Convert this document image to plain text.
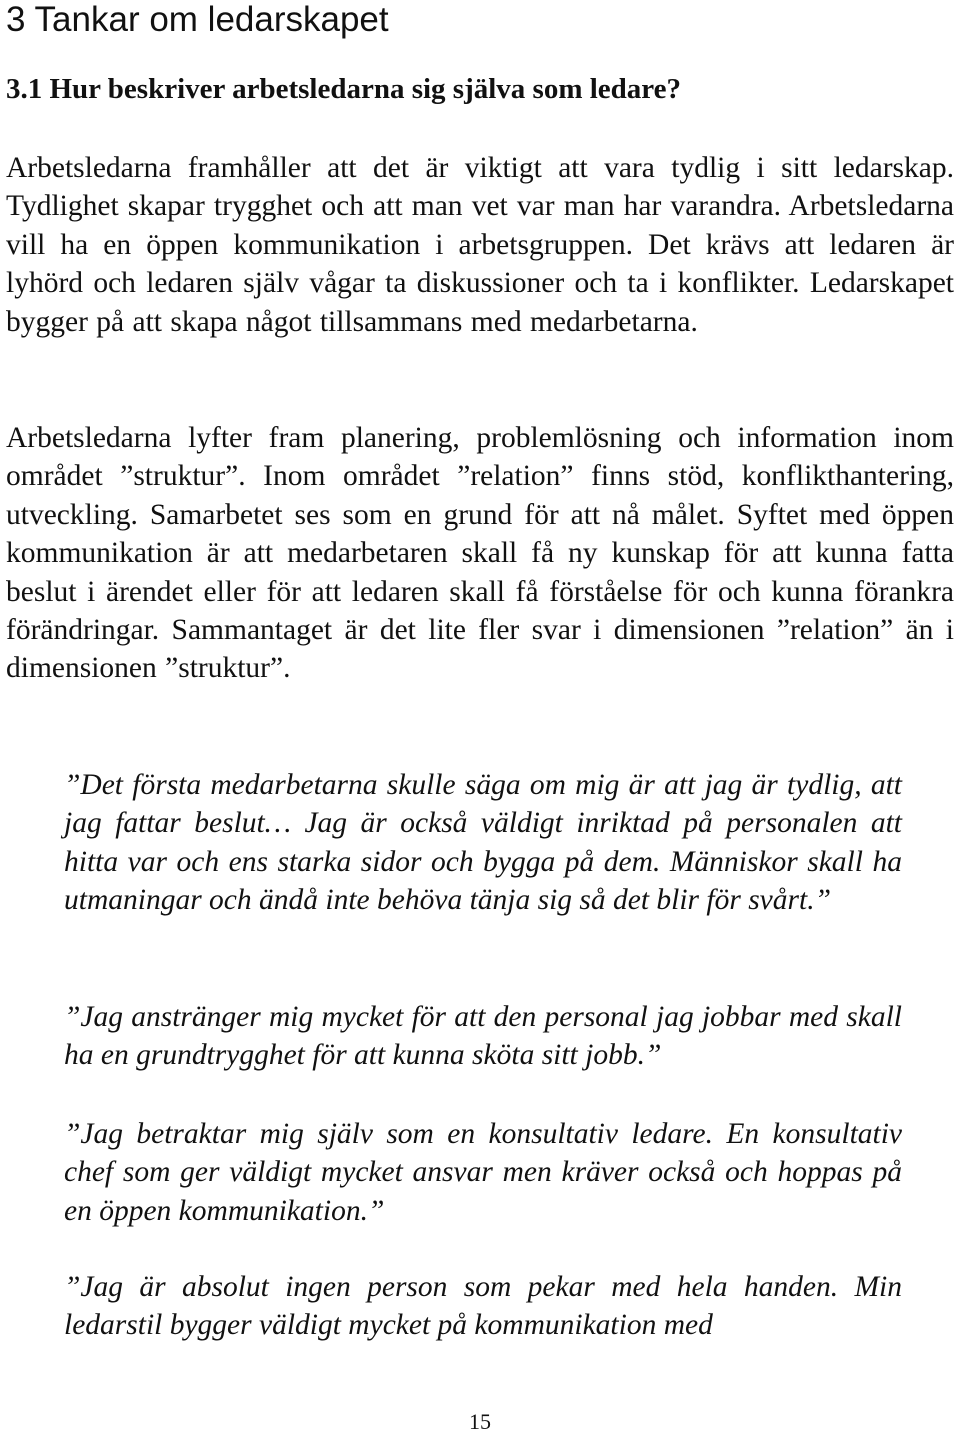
3 Tankar om ledarskapet
3.1 Hur beskriver arbetsledarna sig själva som ledare?

Arbetsledarna framhåller att det är viktigt att vara tydlig i sitt ledarskap. Tydlighet skapar trygghet och att man vet var man har varandra. Arbetsledarna vill ha en öppen kommunikation i arbetsgruppen. Det krävs att ledaren är lyhörd och ledaren själv vågar ta diskussioner och ta i konflikter. Ledarskapet bygger på att skapa något tillsammans med medarbetarna.

Arbetsledarna lyfter fram planering, problemlösning och information inom området ”struktur”. Inom området ”relation” finns stöd, konflikthantering, utveckling. Samarbetet ses som en grund för att nå målet. Syftet med öppen kommunikation är att medarbetaren skall få ny kunskap för att kunna fatta beslut i ärendet eller för att ledaren skall få förståelse för och kunna förankra förändringar. Sammantaget är det lite fler svar i dimensionen ”relation” än i dimensionen ”struktur”.

”Det första medarbetarna skulle säga om mig är att jag är tydlig, att jag fattar beslut… Jag är också väldigt inriktad på personalen att hitta var och ens starka sidor och bygga på dem. Människor skall ha utmaningar och ändå inte behöva tänja sig så det blir för svårt.”

”Jag anstränger mig mycket för att den personal jag jobbar med skall ha en grundtrygghet för att kunna sköta sitt jobb.”

”Jag betraktar mig själv som en konsultativ ledare. En konsultativ chef som ger väldigt mycket ansvar men kräver också och hoppas på en öppen kommunikation.”

”Jag är absolut ingen person som pekar med hela handen. Min ledarstil bygger väldigt mycket på kommunikation med

15
